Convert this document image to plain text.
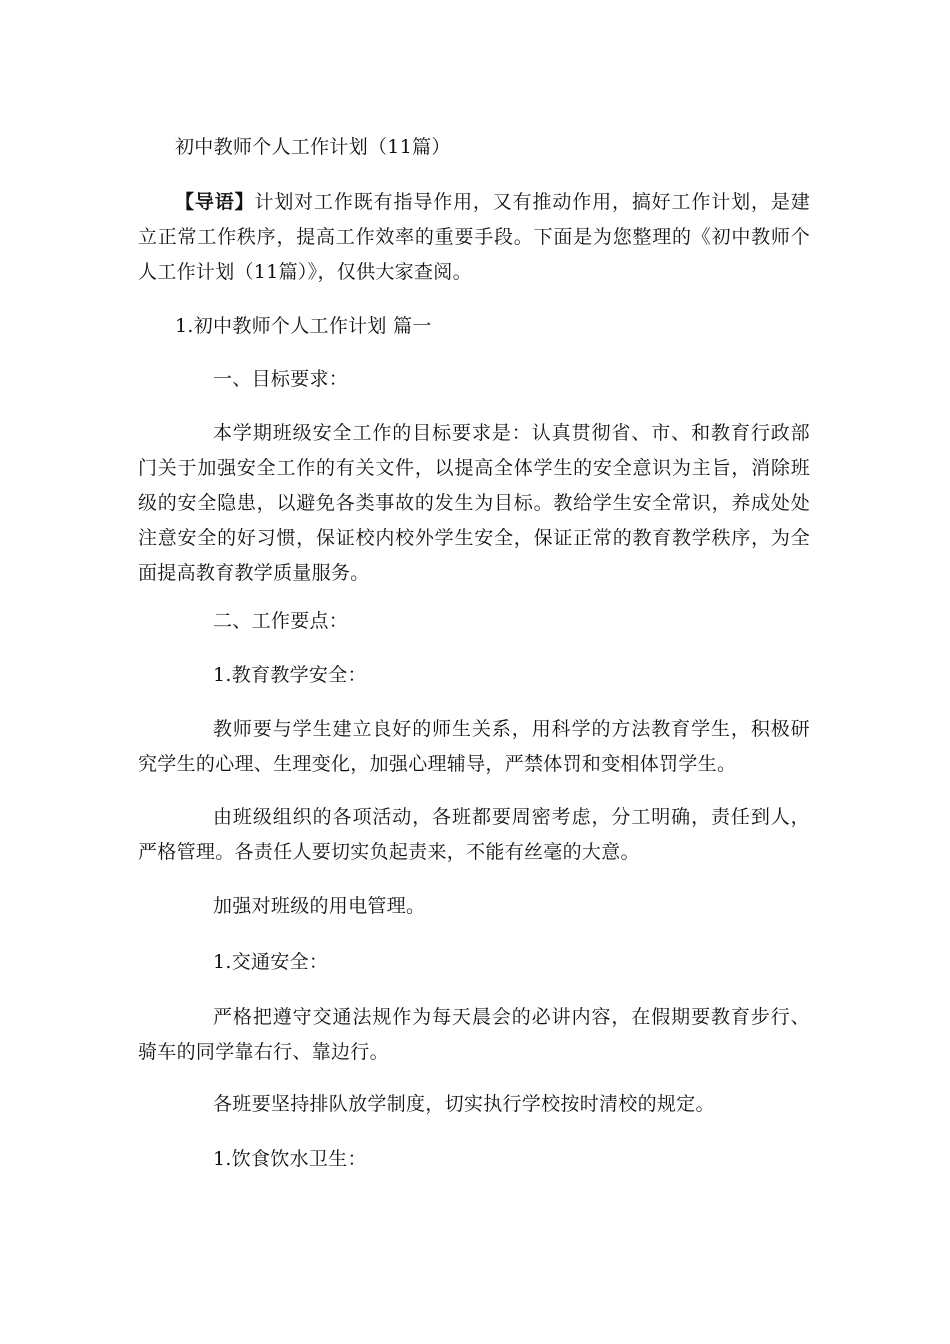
初中教师个人工作计划（11篇）

【导语】计划对工作既有指导作用，又有推动作用，搞好工作计划，是建立正常工作秩序，提高工作效率的重要手段。下面是为您整理的《初中教师个人工作计划（11篇）》，仅供大家查阅。

1.初中教师个人工作计划 篇一

一、目标要求：

本学期班级安全工作的目标要求是：认真贯彻省、市、和教育行政部门关于加强安全工作的有关文件，以提高全体学生的安全意识为主旨，消除班级的安全隐患，以避免各类事故的发生为目标。教给学生安全常识，养成处处注意安全的好习惯，保证校内校外学生安全，保证正常的教育教学秩序，为全面提高教育教学质量服务。

二、工作要点：

1.教育教学安全：

教师要与学生建立良好的师生关系，用科学的方法教育学生，积极研究学生的心理、生理变化，加强心理辅导，严禁体罚和变相体罚学生。

由班级组织的各项活动，各班都要周密考虑，分工明确，责任到人，严格管理。各责任人要切实负起责来，不能有丝毫的大意。

加强对班级的用电管理。

1.交通安全：

严格把遵守交通法规作为每天晨会的必讲内容，在假期要教育步行、骑车的同学靠右行、靠边行。

各班要坚持排队放学制度，切实执行学校按时清校的规定。

1.饮食饮水卫生：
